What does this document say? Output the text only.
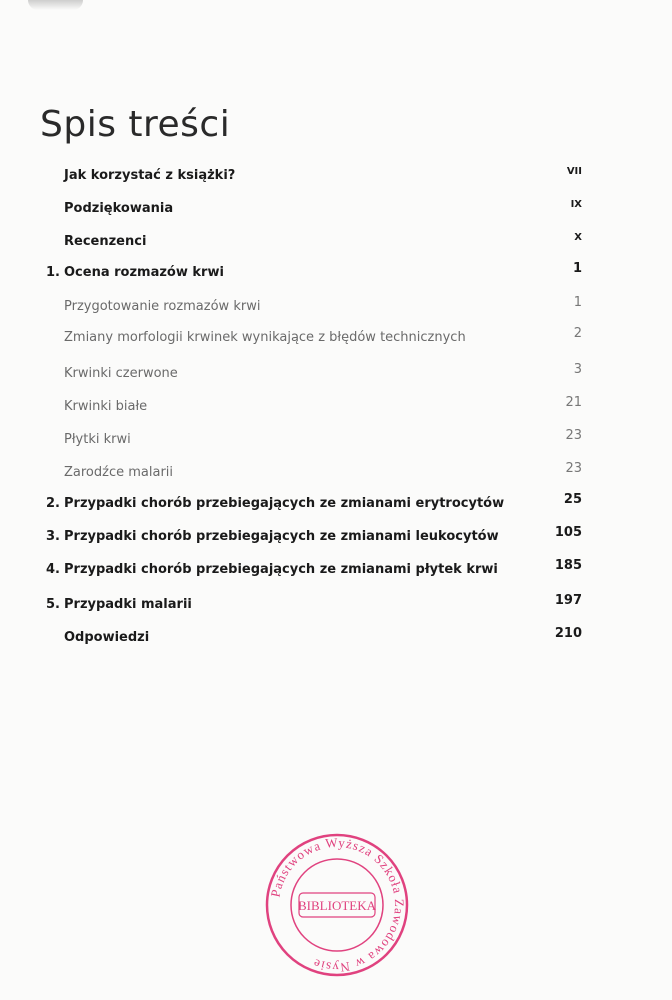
Spis treści
Jak korzystać z książki?	VII
Podziękowania	IX
Recenzenci	X
1. Ocena rozmazów krwi	1
Przygotowanie rozmazów krwi	1
Zmiany morfologii krwinek wynikające z błędów technicznych	2
Krwinki czerwone	3
Krwinki białe	21
Płytki krwi	23
Zarodźce malarii	23
2. Przypadki chorób przebiegających ze zmianami erytrocytów	25
3. Przypadki chorób przebiegających ze zmianami leukocytów	105
4. Przypadki chorób przebiegających ze zmianami płytek krwi	185
5. Przypadki malarii	197
Odpowiedzi	210
Państwowa Wyższa Szkoła Zawodowa w Nysie
BIBLIOTEKA
